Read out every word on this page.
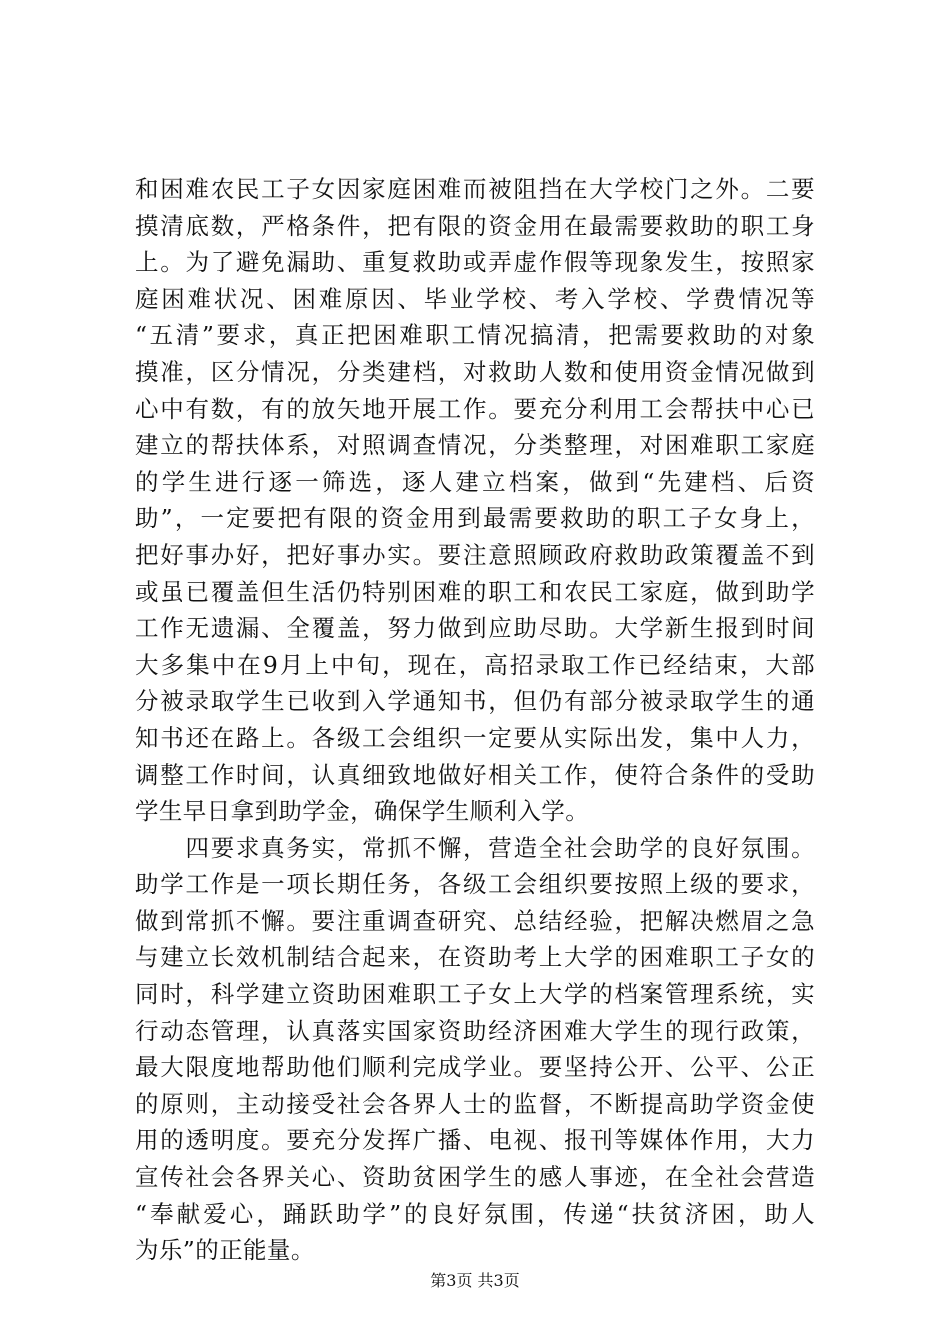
和困难农民工子女因家庭困难而被阻挡在大学校门之外。二要
摸清底数，严格条件，把有限的资金用在最需要救助的职工身
上。为了避免漏助、重复救助或弄虚作假等现象发生，按照家
庭困难状况、困难原因、毕业学校、考入学校、学费情况等
“五清”要求，真正把困难职工情况搞清，把需要救助的对象
摸准，区分情况，分类建档，对救助人数和使用资金情况做到
心中有数，有的放矢地开展工作。要充分利用工会帮扶中心已
建立的帮扶体系，对照调查情况，分类整理，对困难职工家庭
的学生进行逐一筛选，逐人建立档案，做到“先建档、后资
助”，一定要把有限的资金用到最需要救助的职工子女身上，
把好事办好，把好事办实。要注意照顾政府救助政策覆盖不到
或虽已覆盖但生活仍特别困难的职工和农民工家庭，做到助学
工作无遗漏、全覆盖，努力做到应助尽助。大学新生报到时间
大多集中在9月上中旬，现在，高招录取工作已经结束，大部
分被录取学生已收到入学通知书，但仍有部分被录取学生的通
知书还在路上。各级工会组织一定要从实际出发，集中人力，
调整工作时间，认真细致地做好相关工作，使符合条件的受助
学生早日拿到助学金，确保学生顺利入学。
　　四要求真务实，常抓不懈，营造全社会助学的良好氛围。
助学工作是一项长期任务，各级工会组织要按照上级的要求，
做到常抓不懈。要注重调查研究、总结经验，把解决燃眉之急
与建立长效机制结合起来，在资助考上大学的困难职工子女的
同时，科学建立资助困难职工子女上大学的档案管理系统，实
行动态管理，认真落实国家资助经济困难大学生的现行政策，
最大限度地帮助他们顺利完成学业。要坚持公开、公平、公正
的原则，主动接受社会各界人士的监督，不断提高助学资金使
用的透明度。要充分发挥广播、电视、报刊等媒体作用，大力
宣传社会各界关心、资助贫困学生的感人事迹，在全社会营造
“奉献爱心，踊跃助学”的良好氛围，传递“扶贫济困，助人
为乐”的正能量。
第3页 共3页
